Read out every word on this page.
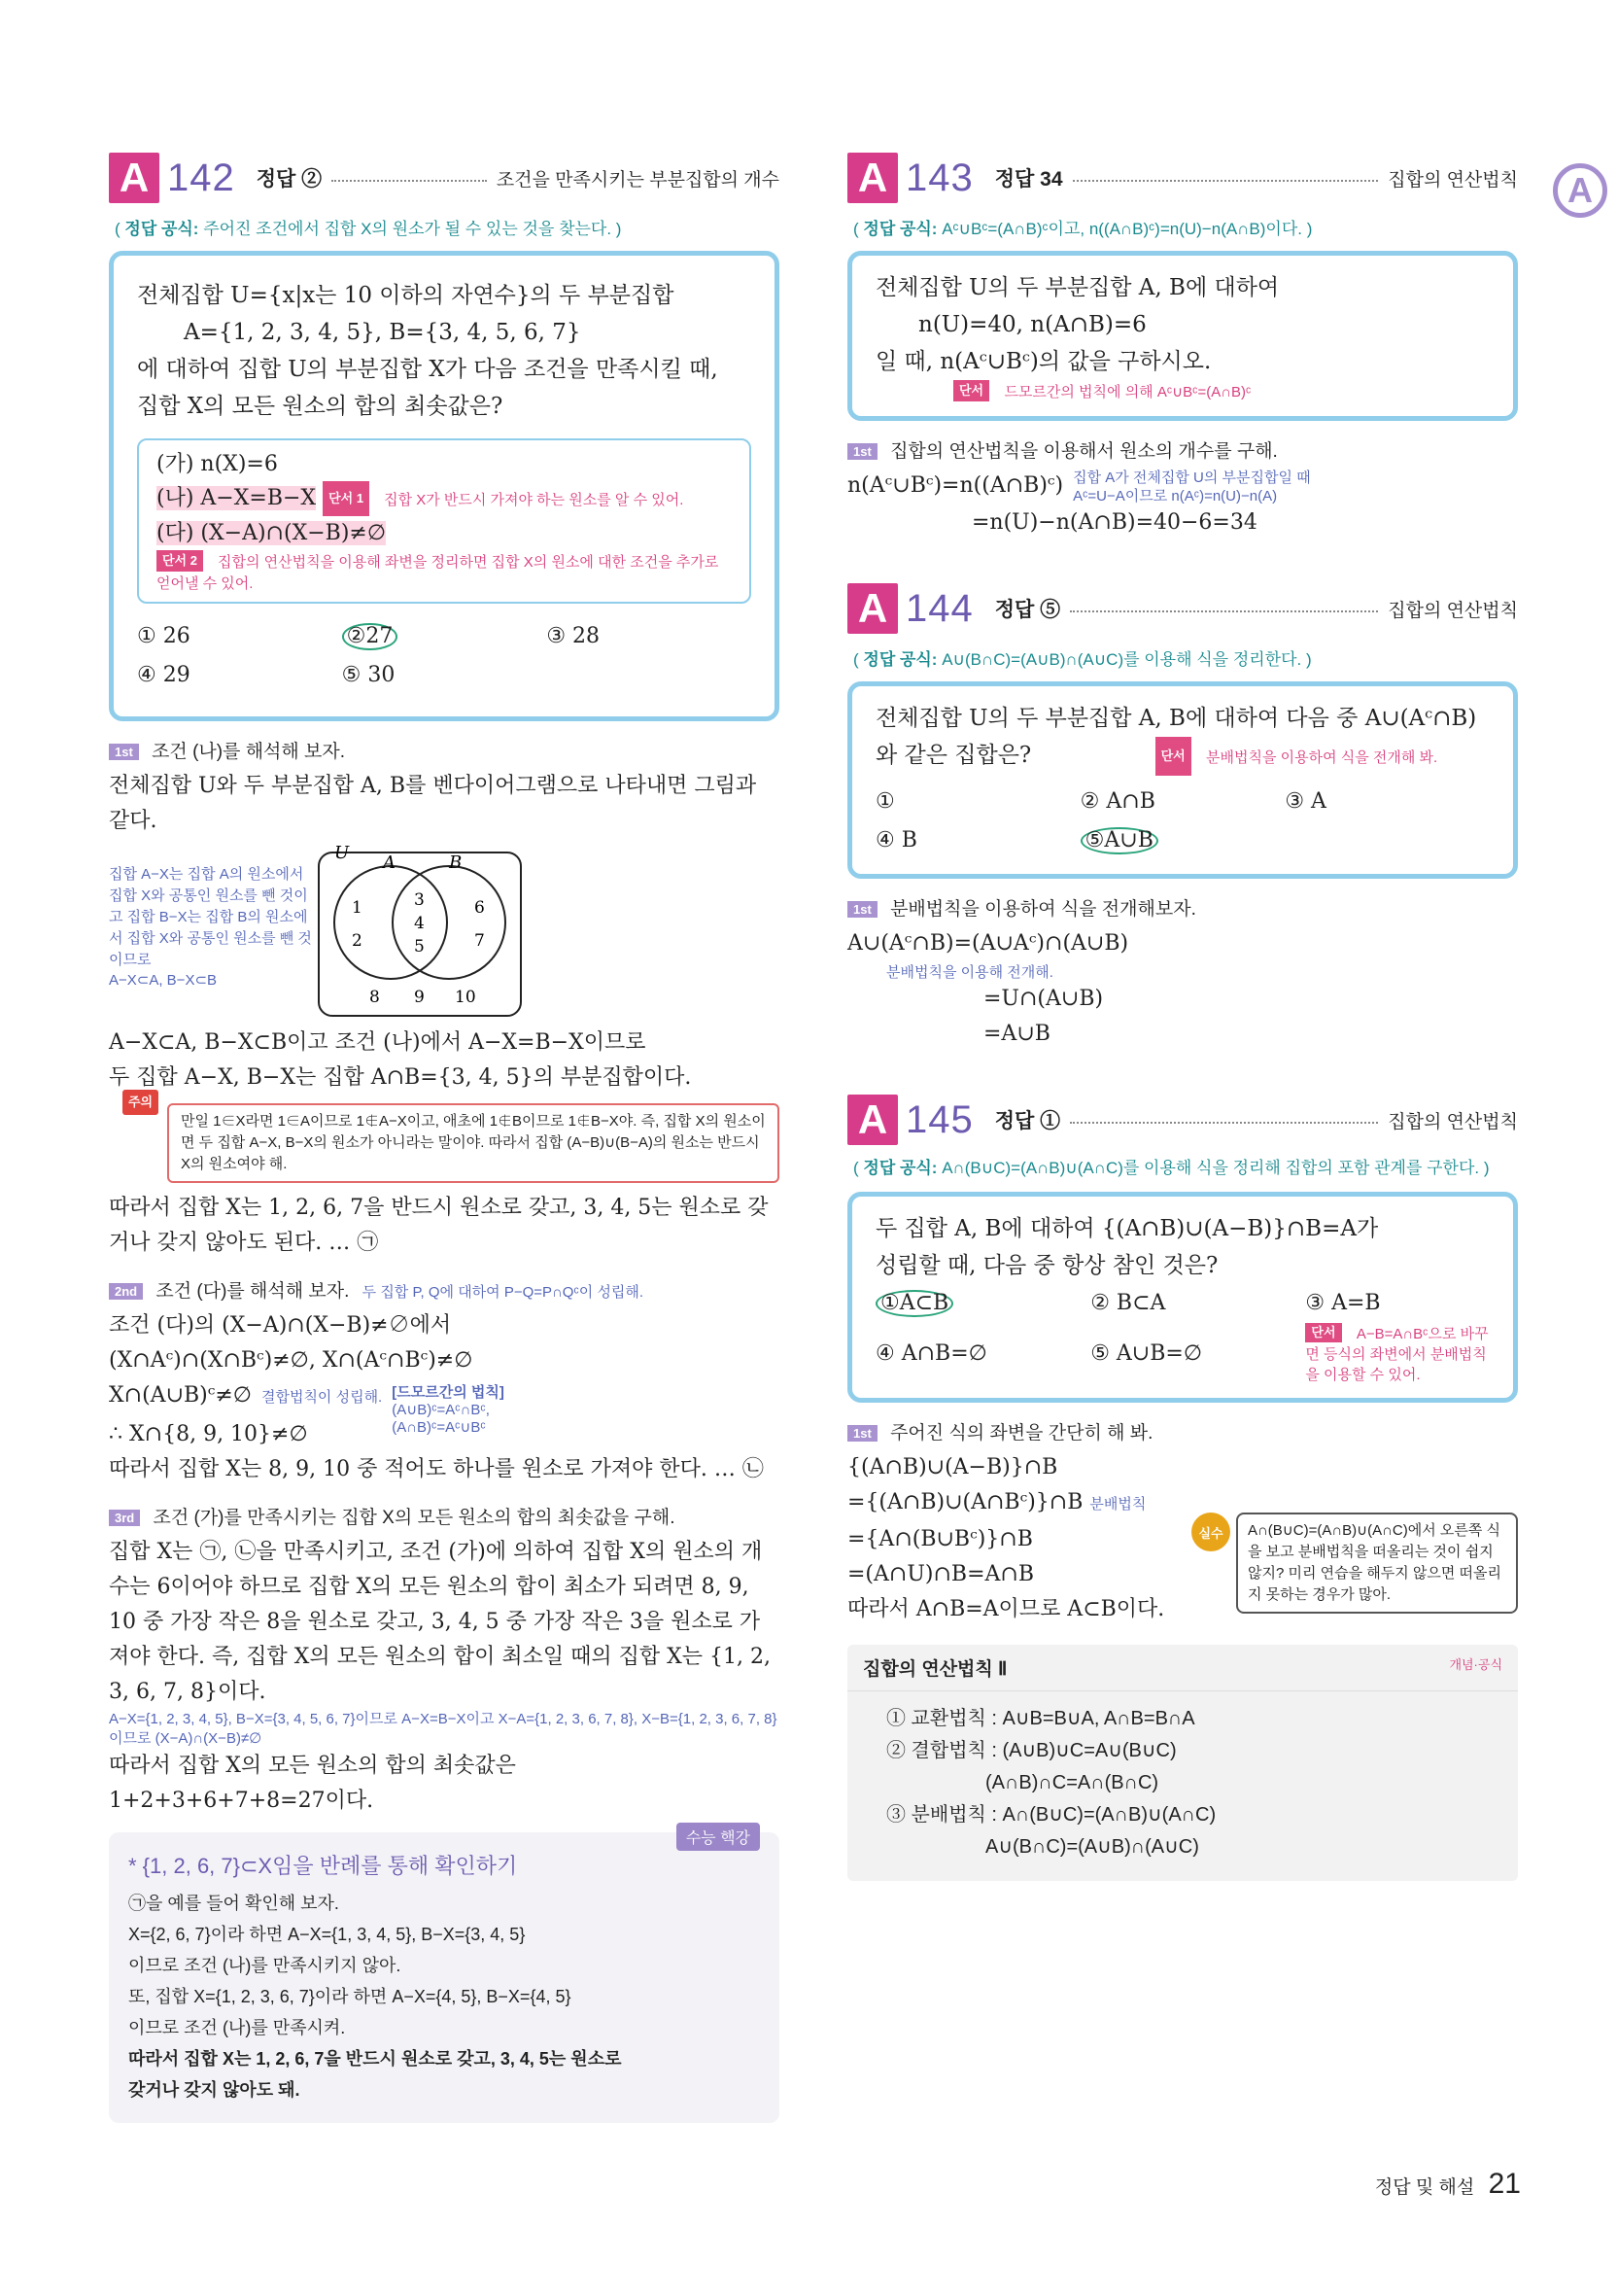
A
A 142 정답 ②	조건을 만족시키는 부분집합의 개수
( 정답 공식: 주어진 조건에서 집합 X의 원소가 될 수 있는 것을 찾는다. )
전체집합 U={x|x는 10 이하의 자연수}의 두 부분집합
A={1, 2, 3, 4, 5}, B={3, 4, 5, 6, 7}
에 대하여 집합 U의 부분집합 X가 다음 조건을 만족시킬 때,
집합 X의 모든 원소의 합의 최솟값은?
(가) n(X)=6
(나) A−X=B−X 단서 1 집합 X가 반드시 가져야 하는 원소를 알 수 있어.
(다) (X−A)∩(X−B)≠∅
단서 2 집합의 연산법칙을 이용해 좌변을 정리하면 집합 X의 원소에 대한 조건을 추가로 얻어낼 수 있어.
① 26	②27	③ 28
④ 29	⑤ 30
1st 조건 (나)를 해석해 보자.
전체집합 U와 두 부분집합 A, B를 벤다이어그램으로 나타내면 그림과 같다.
집합 A−X는 집합 A의 원소에서 집합 X와 공통인 원소를 뺀 것이고 집합 B−X는 집합 B의 원소에서 집합 X와 공통인 원소를 뺀 것이므로
A−X⊂A, B−X⊂B
U A	B
1
2
3
4
5
6
7
8 9 10
A−X⊂A, B−X⊂B이고 조건 (나)에서 A−X=B−X이므로
두 집합 A−X, B−X는 집합 A∩B={3, 4, 5}의 부분집합이다.
주의
만일 1∈X라면 1∈A이므로 1∉A−X이고, 애초에 1∉B이므로 1∉B−X야. 즉, 집합 X의 원소이면 두 집합 A−X, B−X의 원소가 아니라는 말이야. 따라서 집합 (A−B)∪(B−A)의 원소는 반드시 X의 원소여야 해.
따라서 집합 X는 1, 2, 6, 7을 반드시 원소로 갖고, 3, 4, 5는 원소로 갖거나 갖지 않아도 된다. … ㉠
2nd 조건 (다)를 해석해 보자. 두 집합 P, Q에 대하여 P−Q=P∩Qᶜ이 성립해.
조건 (다)의 (X−A)∩(X−B)≠∅에서
(X∩Aᶜ)∩(X∩Bᶜ)≠∅, X∩(Aᶜ∩Bᶜ)≠∅
X∩(A∪B)ᶜ≠∅ 결합법칙이 성립해. [드모르간의 법칙]
(A∪B)ᶜ=Aᶜ∩Bᶜ,
(A∩B)ᶜ=Aᶜ∪Bᶜ
∴ X∩{8, 9, 10}≠∅
따라서 집합 X는 8, 9, 10 중 적어도 하나를 원소로 가져야 한다. … ㉡
3rd 조건 (가)를 만족시키는 집합 X의 모든 원소의 합의 최솟값을 구해.
집합 X는 ㉠, ㉡을 만족시키고, 조건 (가)에 의하여 집합 X의 원소의 개수는 6이어야 하므로 집합 X의 모든 원소의 합이 최소가 되려면 8, 9, 10 중 가장 작은 8을 원소로 갖고, 3, 4, 5 중 가장 작은 3을 원소로 가져야 한다. 즉, 집합 X의 모든 원소의 합이 최소일 때의 집합 X는 {1, 2, 3, 6, 7, 8}이다.
A−X={1, 2, 3, 4, 5}, B−X={3, 4, 5, 6, 7}이므로 A−X=B−X이고 X−A={1, 2, 3, 6, 7, 8}, X−B={1, 2, 3, 6, 7, 8}이므로 (X−A)∩(X−B)≠∅
따라서 집합 X의 모든 원소의 합의 최솟값은
1+2+3+6+7+8=27이다.
수능 핵강
* {1, 2, 6, 7}⊂X임을 반례를 통해 확인하기
㉠을 예를 들어 확인해 보자.
X={2, 6, 7}이라 하면 A−X={1, 3, 4, 5}, B−X={3, 4, 5}
이므로 조건 (나)를 만족시키지 않아.
또, 집합 X={1, 2, 3, 6, 7}이라 하면 A−X={4, 5}, B−X={4, 5}
이므로 조건 (나)를 만족시켜.
따라서 집합 X는 1, 2, 6, 7을 반드시 원소로 갖고, 3, 4, 5는 원소로
갖거나 갖지 않아도 돼.
A 143 정답 34	집합의 연산법칙
( 정답 공식: Aᶜ∪Bᶜ=(A∩B)ᶜ이고, n((A∩B)ᶜ)=n(U)−n(A∩B)이다. )
전체집합 U의 두 부분집합 A, B에 대하여
n(U)=40, n(A∩B)=6
일 때, n(Aᶜ∪Bᶜ)의 값을 구하시오.
단서 드모르간의 법칙에 의해 Aᶜ∪Bᶜ=(A∩B)ᶜ
1st 집합의 연산법칙을 이용해서 원소의 개수를 구해.
n(Aᶜ∪Bᶜ)=n((A∩B)ᶜ) 집합 A가 전체집합 U의 부분집합일 때
Aᶜ=U−A이므로 n(Aᶜ)=n(U)−n(A)
=n(U)−n(A∩B)=40−6=34
A 144 정답 ⑤	집합의 연산법칙
( 정답 공식: A∪(B∩C)=(A∪B)∩(A∪C)를 이용해 식을 정리한다. )
전체집합 U의 두 부분집합 A, B에 대하여 다음 중 A∪(Aᶜ∩B)
와 같은 집합은?	단서 분배법칙을 이용하여 식을 전개해 봐.
①	② A∩B	③ A
④ B	⑤A∪B
1st 분배법칙을 이용하여 식을 전개해보자.
A∪(Aᶜ∩B)=(A∪Aᶜ)∩(A∪B)
분배법칙을 이용해 전개해.
=U∩(A∪B)
=A∪B
A 145 정답 ①	집합의 연산법칙
( 정답 공식: A∩(B∪C)=(A∩B)∪(A∩C)를 이용해 식을 정리해 집합의 포함 관계를 구한다. )
두 집합 A, B에 대하여 {(A∩B)∪(A−B)}∩B=A가
성립할 때, 다음 중 항상 참인 것은?
①A⊂B	② B⊂A
④ A∩B=∅	⑤ A∪B=∅
③ A=B
단서 A−B=A∩Bᶜ으로 바꾸면 등식의 좌변에서 분배법칙을 이용할 수 있어.
1st 주어진 식의 좌변을 간단히 해 봐.
{(A∩B)∪(A−B)}∩B
={(A∩B)∪(A∩Bᶜ)}∩B 분배법칙
={A∩(B∪Bᶜ)}∩B
=(A∩U)∩B=A∩B
따라서 A∩B=A이므로 A⊂B이다.
실수	A∩(B∪C)=(A∩B)∪(A∩C)에서 오른쪽 식을 보고 분배법칙을 떠올리는 것이 쉽지 않지? 미리 연습을 해두지 않으면 떠올리지 못하는 경우가 많아.
집합의 연산법칙 Ⅱ	개념·공식
① 교환법칙 : A∪B=B∪A, A∩B=B∩A
② 결합법칙 : (A∪B)∪C=A∪(B∪C)
(A∩B)∩C=A∩(B∩C)
③ 분배법칙 : A∩(B∪C)=(A∩B)∪(A∩C)
A∪(B∩C)=(A∪B)∩(A∪C)
정답 및 해설 21
